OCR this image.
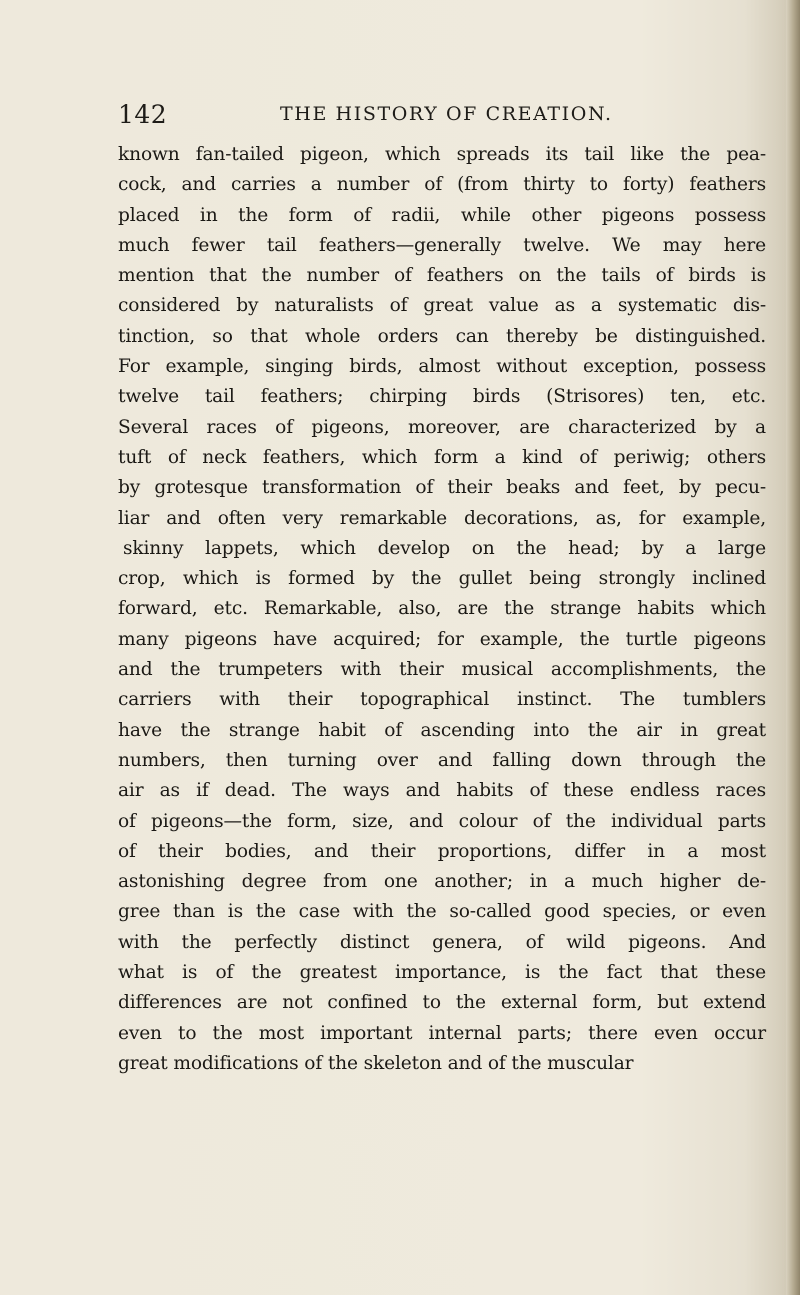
142	THE HISTORY OF CREATION.
known fan-tailed pigeon, which spreads its tail like the pea-
cock, and carries a number of (from thirty to forty) feathers
placed in the form of radii, while other pigeons possess
much fewer tail feathers—generally twelve. We may here
mention that the number of feathers on the tails of birds is
considered by naturalists of great value as a systematic dis-
tinction, so that whole orders can thereby be distinguished.
For example, singing birds, almost without exception, possess
twelve tail feathers; chirping birds (Strisores) ten, etc.
Several races of pigeons, moreover, are characterized by a
tuft of neck feathers, which form a kind of periwig; others
by grotesque transformation of their beaks and feet, by pecu-
liar and often very remarkable decorations, as, for example,
skinny lappets, which develop on the head; by a large
crop, which is formed by the gullet being strongly inclined
forward, etc. Remarkable, also, are the strange habits which
many pigeons have acquired; for example, the turtle pigeons
and the trumpeters with their musical accomplishments, the
carriers with their topographical instinct. The tumblers
have the strange habit of ascending into the air in great
numbers, then turning over and falling down through the
air as if dead. The ways and habits of these endless races
of pigeons—the form, size, and colour of the individual parts
of their bodies, and their proportions, differ in a most
astonishing degree from one another; in a much higher de-
gree than is the case with the so-called good species, or even
with the perfectly distinct genera, of wild pigeons. And
what is of the greatest importance, is the fact that these
differences are not confined to the external form, but extend
even to the most important internal parts; there even occur
great modifications of the skeleton and of the muscular
